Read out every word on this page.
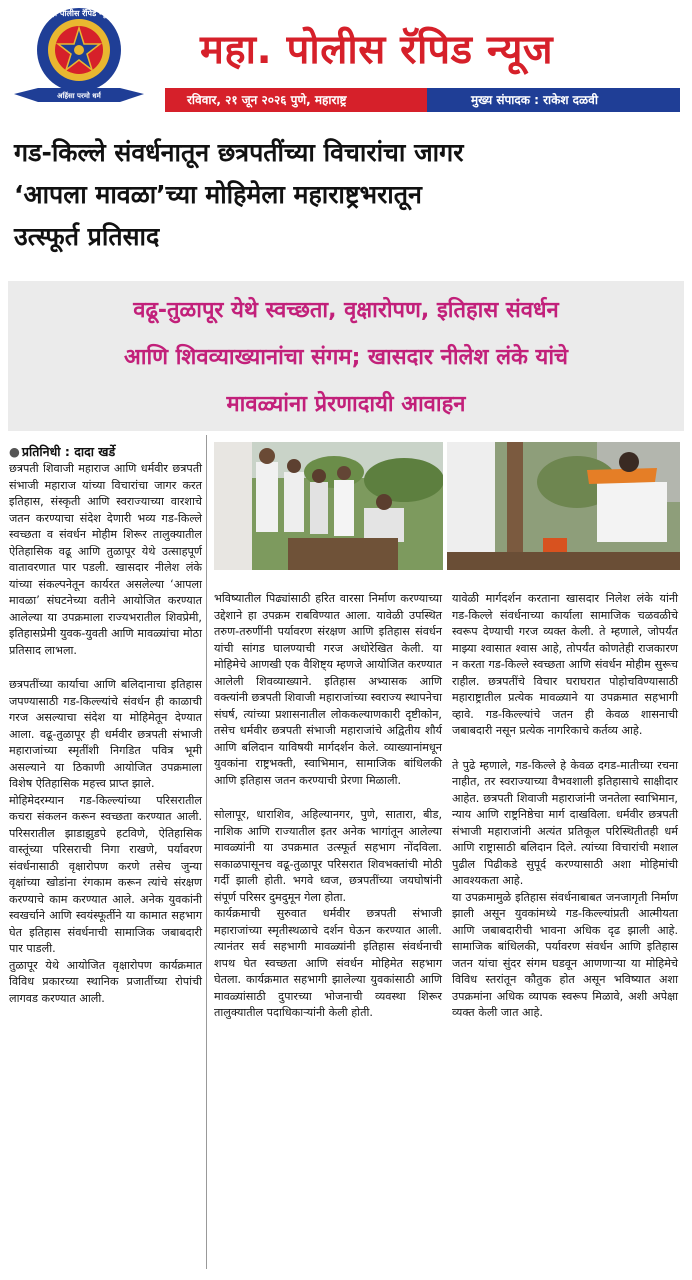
महा पोलीस रॅपिड न्यूज
अहिंसा परमो धर्म
महा. पोलीस रॅपिड न्यूज
रविवार, २१ जून २०२६ पुणे, महाराष्ट्र	मुख्य संपादक : राकेश दळवी
गड-किल्ले संवर्धनातून छत्रपतींच्या विचारांचा जागर
‘आपला मावळा’च्या मोहिमेला महाराष्ट्रभरातून
उत्स्फूर्त प्रतिसाद
वढू-तुळापूर येथे स्वच्छता, वृक्षारोपण, इतिहास संवर्धन
आणि शिवव्याख्यानांचा संगम; खासदार नीलेश लंके यांचे
मावळ्यांना प्रेरणादायी आवाहन
● प्रतिनिधी : दादा खर्डे

छत्रपती शिवाजी महाराज आणि धर्मवीर छत्रपती संभाजी महाराज यांच्या विचारांचा जागर करत इतिहास, संस्कृती आणि स्वराज्याच्या वारशाचे जतन करण्याचा संदेश देणारी भव्य गड-किल्ले स्वच्छता व संवर्धन मोहीम शिरूर तालुक्यातील ऐतिहासिक वढू आणि तुळापूर येथे उत्साहपूर्ण वातावरणात पार पडली. खासदार नीलेश लंके यांच्या संकल्पनेतून कार्यरत असलेल्या ‘आपला मावळा’ संघटनेच्या वतीने आयोजित करण्यात आलेल्या या उपक्रमाला राज्यभरातील शिवप्रेमी, इतिहासप्रेमी युवक-युवती आणि मावळ्यांचा मोठा प्रतिसाद लाभला.

छत्रपतींच्या कार्याचा आणि बलिदानाचा इतिहास जपण्यासाठी गड-किल्ल्यांचे संवर्धन ही काळाची गरज असल्याचा संदेश या मोहिमेतून देण्यात आला. वढू-तुळापूर ही धर्मवीर छत्रपती संभाजी महाराजांच्या स्मृतींशी निगडित पवित्र भूमी असल्याने या ठिकाणी आयोजित उपक्रमाला विशेष ऐतिहासिक महत्त्व प्राप्त झाले.

मोहिमेदरम्यान गड-किल्ल्यांच्या परिसरातील कचरा संकलन करून स्वच्छता करण्यात आली. परिसरातील झाडाझुडपे हटविणे, ऐतिहासिक वास्तूंच्या परिसराची निगा राखणे, पर्यावरण संवर्धनासाठी वृक्षारोपण करणे तसेच जुन्या वृक्षांच्या खोडांना रंगकाम करून त्यांचे संरक्षण करण्याचे काम करण्यात आले. अनेक युवकांनी स्वखर्चाने आणि स्वयंस्फूर्तीने या कामात सहभाग घेत इतिहास संवर्धनाची सामाजिक जबाबदारी पार पाडली.

तुळापूर येथे आयोजित वृक्षारोपण कार्यक्रमात विविध प्रकारच्या स्थानिक प्रजातींच्या रोपांची लागवड करण्यात आली.

भविष्यातील पिढ्यांसाठी हरित वारसा निर्माण करण्याच्या उद्देशाने हा उपक्रम राबविण्यात आला. यावेळी उपस्थित तरुण-तरुणींनी पर्यावरण संरक्षण आणि इतिहास संवर्धन यांची सांगड घालण्याची गरज अधोरेखित केली. या मोहिमेचे आणखी एक वैशिष्ट्य म्हणजे आयोजित करण्यात आलेली शिवव्याख्याने. इतिहास अभ्यासक आणि वक्त्यांनी छत्रपती शिवाजी महाराजांच्या स्वराज्य स्थापनेचा संघर्ष, त्यांच्या प्रशासनातील लोककल्याणकारी दृष्टीकोन, तसेच धर्मवीर छत्रपती संभाजी महाराजांचे अद्वितीय शौर्य आणि बलिदान याविषयी मार्गदर्शन केले. व्याख्यानांमधून युवकांना राष्ट्रभक्ती, स्वाभिमान, सामाजिक बांधिलकी आणि इतिहास जतन करण्याची प्रेरणा मिळाली.

सोलापूर, धाराशिव, अहिल्यानगर, पुणे, सातारा, बीड, नाशिक आणि राज्यातील इतर अनेक भागांतून आलेल्या मावळ्यांनी या उपक्रमात उत्स्फूर्त सहभाग नोंदविला. सकाळपासूनच वढू-तुळापूर परिसरात शिवभक्तांची मोठी गर्दी झाली होती. भगवे ध्वज, छत्रपतींच्या जयघोषांनी संपूर्ण परिसर दुमदुमून गेला होता.

कार्यक्रमाची सुरुवात धर्मवीर छत्रपती संभाजी महाराजांच्या स्मृतीस्थळाचे दर्शन घेऊन करण्यात आली. त्यानंतर सर्व सहभागी मावळ्यांनी इतिहास संवर्धनाची शपथ घेत स्वच्छता आणि संवर्धन मोहिमेत सहभाग घेतला. कार्यक्रमात सहभागी झालेल्या युवकांसाठी आणि मावळ्यांसाठी दुपारच्या भोजनाची व्यवस्था शिरूर तालुक्यातील पदाधिकाऱ्यांनी केली होती.

यावेळी मार्गदर्शन करताना खासदार निलेश लंके यांनी गड-किल्ले संवर्धनाच्या कार्याला सामाजिक चळवळीचे स्वरूप देण्याची गरज व्यक्त केली. ते म्हणाले, जोपर्यंत माझ्या श्वासात श्वास आहे, तोपर्यंत कोणतेही राजकारण न करता गड-किल्ले स्वच्छता आणि संवर्धन मोहीम सुरूच राहील. छत्रपतींचे विचार घराघरात पोहोचविण्यासाठी महाराष्ट्रातील प्रत्येक मावळ्याने या उपक्रमात सहभागी व्हावे. गड-किल्ल्यांचे जतन ही केवळ शासनाची जबाबदारी नसून प्रत्येक नागरिकाचे कर्तव्य आहे.

ते पुढे म्हणाले, गड-किल्ले हे केवळ दगड-मातीच्या रचना नाहीत, तर स्वराज्याच्या वैभवशाली इतिहासाचे साक्षीदार आहेत. छत्रपती शिवाजी महाराजांनी जनतेला स्वाभिमान, न्याय आणि राष्ट्रनिष्ठेचा मार्ग दाखविला. धर्मवीर छत्रपती संभाजी महाराजांनी अत्यंत प्रतिकूल परिस्थितीतही धर्म आणि राष्ट्रासाठी बलिदान दिले. त्यांच्या विचारांची मशाल पुढील पिढीकडे सुपूर्द करण्यासाठी अशा मोहिमांची आवश्यकता आहे.

या उपक्रमामुळे इतिहास संवर्धनाबाबत जनजागृती निर्माण झाली असून युवकांमध्ये गड-किल्ल्यांप्रती आत्मीयता आणि जबाबदारीची भावना अधिक दृढ झाली आहे. सामाजिक बांधिलकी, पर्यावरण संवर्धन आणि इतिहास जतन यांचा सुंदर संगम घडवून आणणाऱ्या या मोहिमेचे विविध स्तरांतून कौतुक होत असून भविष्यात अशा उपक्रमांना अधिक व्यापक स्वरूप मिळावे, अशी अपेक्षा व्यक्त केली जात आहे.
